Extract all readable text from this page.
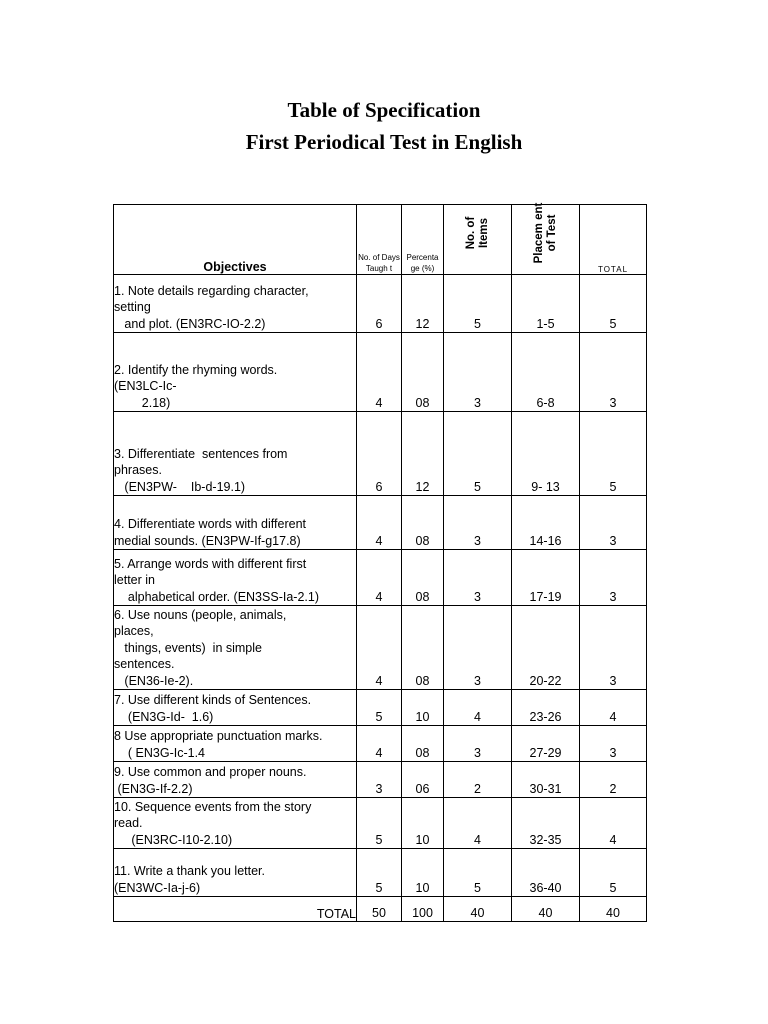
Table of Specification
First Periodical Test in English
Objectives	No. of Days Taugh t	Percenta ge (%)	No. of Items	Placem ent of Test	TOTAL
1. Note details regarding character,
setting
and plot. (EN3RC-IO-2.2)	6	12	5	1-5	5
2. Identify the rhyming words.
(EN3LC-Ic-
2.18)	4	08	3	6-8	3
3. Differentiate  sentences from
phrases.
(EN3PW-    Ib-d-19.1)	6	12	5	9- 13	5
4. Differentiate words with different
medial sounds. (EN3PW-If-g17.8)	4	08	3	14-16	3
5. Arrange words with different first
letter in
alphabetical order. (EN3SS-Ia-2.1)	4	08	3	17-19	3
6. Use nouns (people, animals,
places,
things, events)  in simple
sentences.
(EN36-Ie-2).	4	08	3	20-22	3
7. Use different kinds of Sentences.
(EN3G-Id-  1.6)	5	10	4	23-26	4
8 Use appropriate punctuation marks.
( EN3G-Ic-1.4	4	08	3	27-29	3
9. Use common and proper nouns.
(EN3G-If-2.2)	3	06	2	30-31	2
10. Sequence events from the story
read.
(EN3RC-I10-2.10)	5	10	4	32-35	4
11. Write a thank you letter.
(EN3WC-Ia-j-6)	5	10	5	36-40	5
TOTAL	50	100	40	40	40
